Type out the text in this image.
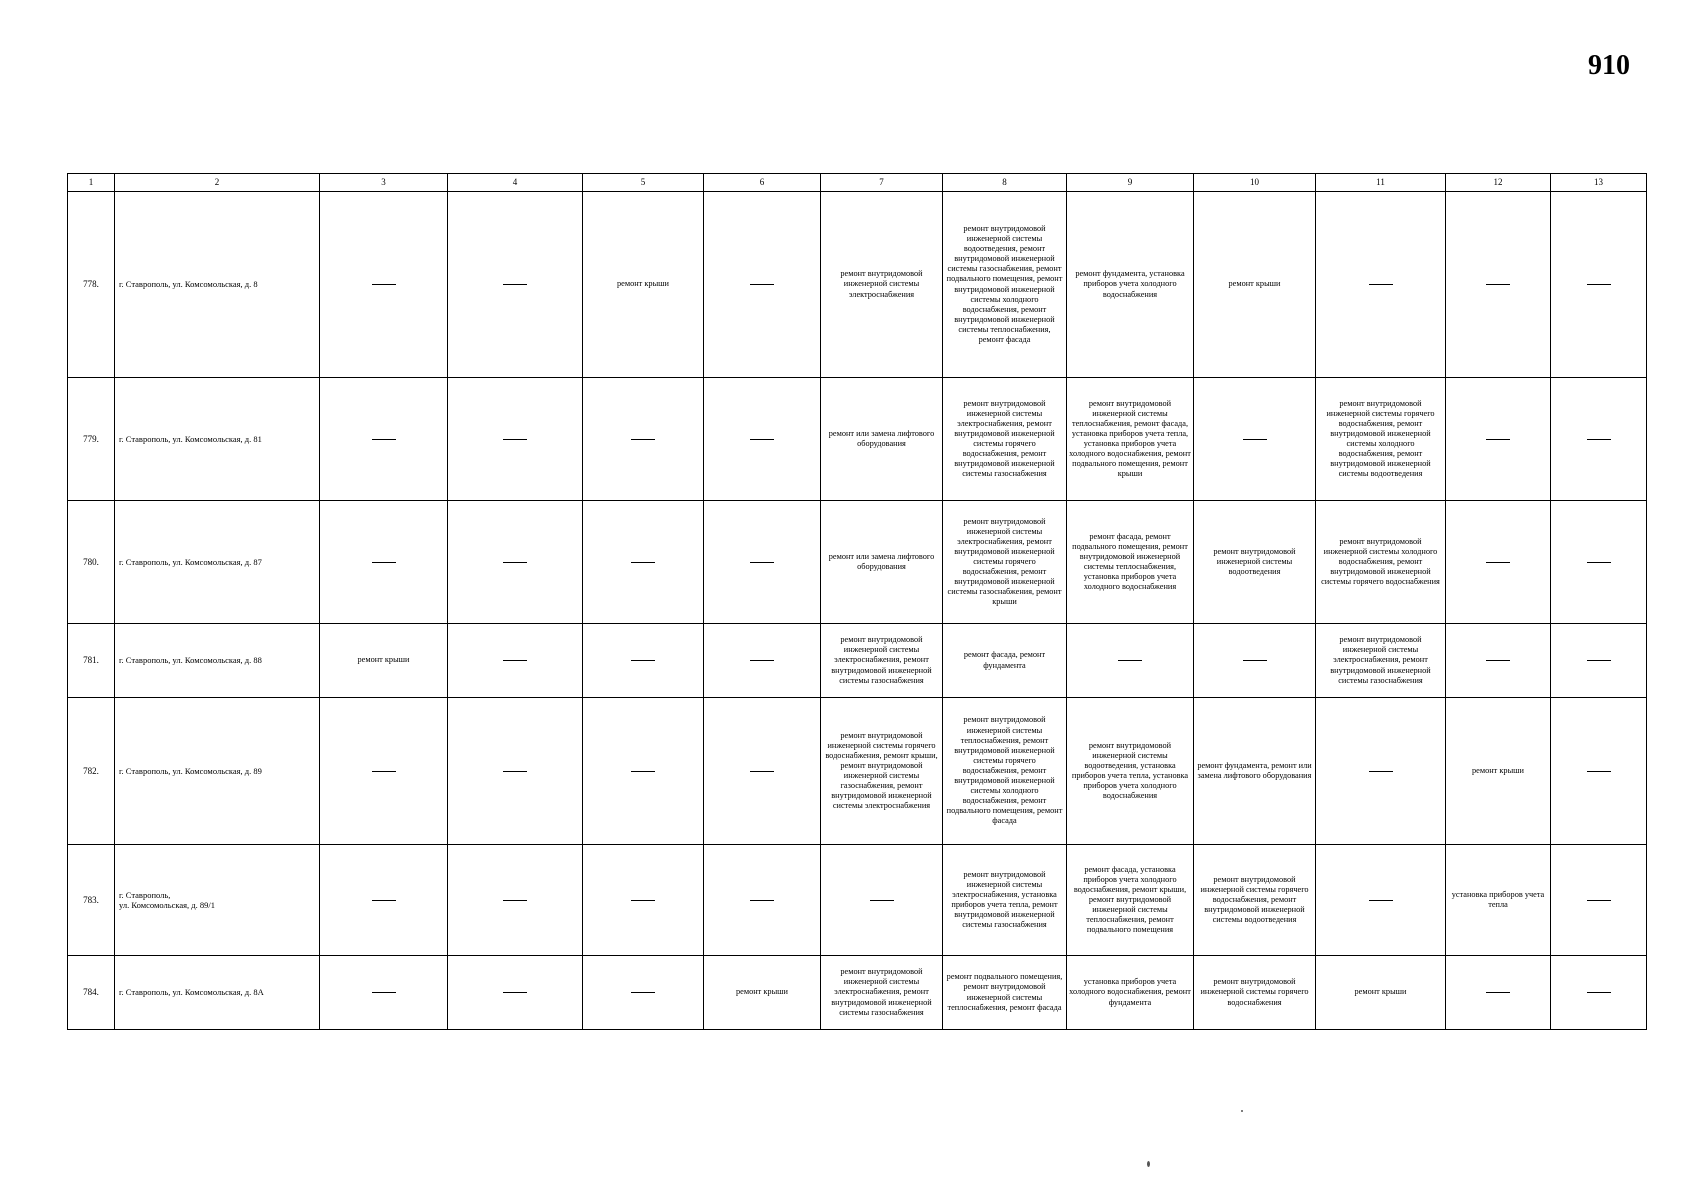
910
1	2	3	4	5	6	7	8	9	10	11	12	13
778.	г. Ставрополь, ул. Комсомольская, д. 8			ремонт крыши		ремонт внутридомовой инженерной системы электроснабжения	ремонт внутридомовой инженерной системы водоотведения, ремонт внутридомовой инженерной системы газоснабжения, ремонт подвального помещения, ремонт внутридомовой инженерной системы холодного водоснабжения, ремонт внутридомовой инженерной системы теплоснабжения, ремонт фасада	ремонт фундамента, установка приборов учета холодного водоснабжения	ремонт крыши			
779.	г. Ставрополь, ул. Комсомольская, д. 81					ремонт или замена лифтового оборудования	ремонт внутридомовой инженерной системы электроснабжения, ремонт внутридомовой инженерной системы горячего водоснабжения, ремонт внутридомовой инженерной системы газоснабжения	ремонт внутридомовой инженерной системы теплоснабжения, ремонт фасада, установка приборов учета тепла, установка приборов учета холодного водоснабжения, ремонт подвального помещения, ремонт крыши		ремонт внутридомовой инженерной системы горячего водоснабжения, ремонт внутридомовой инженерной системы холодного водоснабжения, ремонт внутридомовой инженерной системы водоотведения		
780.	г. Ставрополь, ул. Комсомольская, д. 87					ремонт или замена лифтового оборудования	ремонт внутридомовой инженерной системы электроснабжения, ремонт внутридомовой инженерной системы горячего водоснабжения, ремонт внутридомовой инженерной системы газоснабжения, ремонт крыши	ремонт фасада, ремонт подвального помещения, ремонт внутридомовой инженерной системы теплоснабжения, установка приборов учета холодного водоснабжения	ремонт внутридомовой инженерной системы водоотведения	ремонт внутридомовой инженерной системы холодного водоснабжения, ремонт внутридомовой инженерной системы горячего водоснабжения		
781.	г. Ставрополь, ул. Комсомольская, д. 88	ремонт крыши				ремонт внутридомовой инженерной системы электроснабжения, ремонт внутридомовой инженерной системы газоснабжения	ремонт фасада, ремонт фундамента			ремонт внутридомовой инженерной системы электроснабжения, ремонт внутридомовой инженерной системы газоснабжения		
782.	г. Ставрополь, ул. Комсомольская, д. 89					ремонт внутридомовой инженерной системы горячего водоснабжения, ремонт крыши, ремонт внутридомовой инженерной системы газоснабжения, ремонт внутридомовой инженерной системы электроснабжения	ремонт внутридомовой инженерной системы теплоснабжения, ремонт внутридомовой инженерной системы горячего водоснабжения, ремонт внутридомовой инженерной системы холодного водоснабжения, ремонт подвального помещения, ремонт фасада	ремонт внутридомовой инженерной системы водоотведения, установка приборов учета тепла, установка приборов учета холодного водоснабжения	ремонт фундамента, ремонт или замена лифтового оборудования		ремонт крыши	
783.	г. Ставрополь,
ул. Комсомольская, д. 89/1						ремонт внутридомовой инженерной системы электроснабжения, установка приборов учета тепла, ремонт внутридомовой инженерной системы газоснабжения	ремонт фасада, установка приборов учета холодного водоснабжения, ремонт крыши, ремонт внутридомовой инженерной системы теплоснабжения, ремонт подвального помещения	ремонт внутридомовой инженерной системы горячего водоснабжения, ремонт внутридомовой инженерной системы водоотведения		установка приборов учета тепла	
784.	г. Ставрополь, ул. Комсомольская, д. 8А				ремонт крыши	ремонт внутридомовой инженерной системы электроснабжения, ремонт внутридомовой инженерной системы газоснабжения	ремонт подвального помещения, ремонт внутридомовой инженерной системы теплоснабжения, ремонт фасада	установка приборов учета холодного водоснабжения, ремонт фундамента	ремонт внутридомовой инженерной системы горячего водоснабжения	ремонт крыши		
